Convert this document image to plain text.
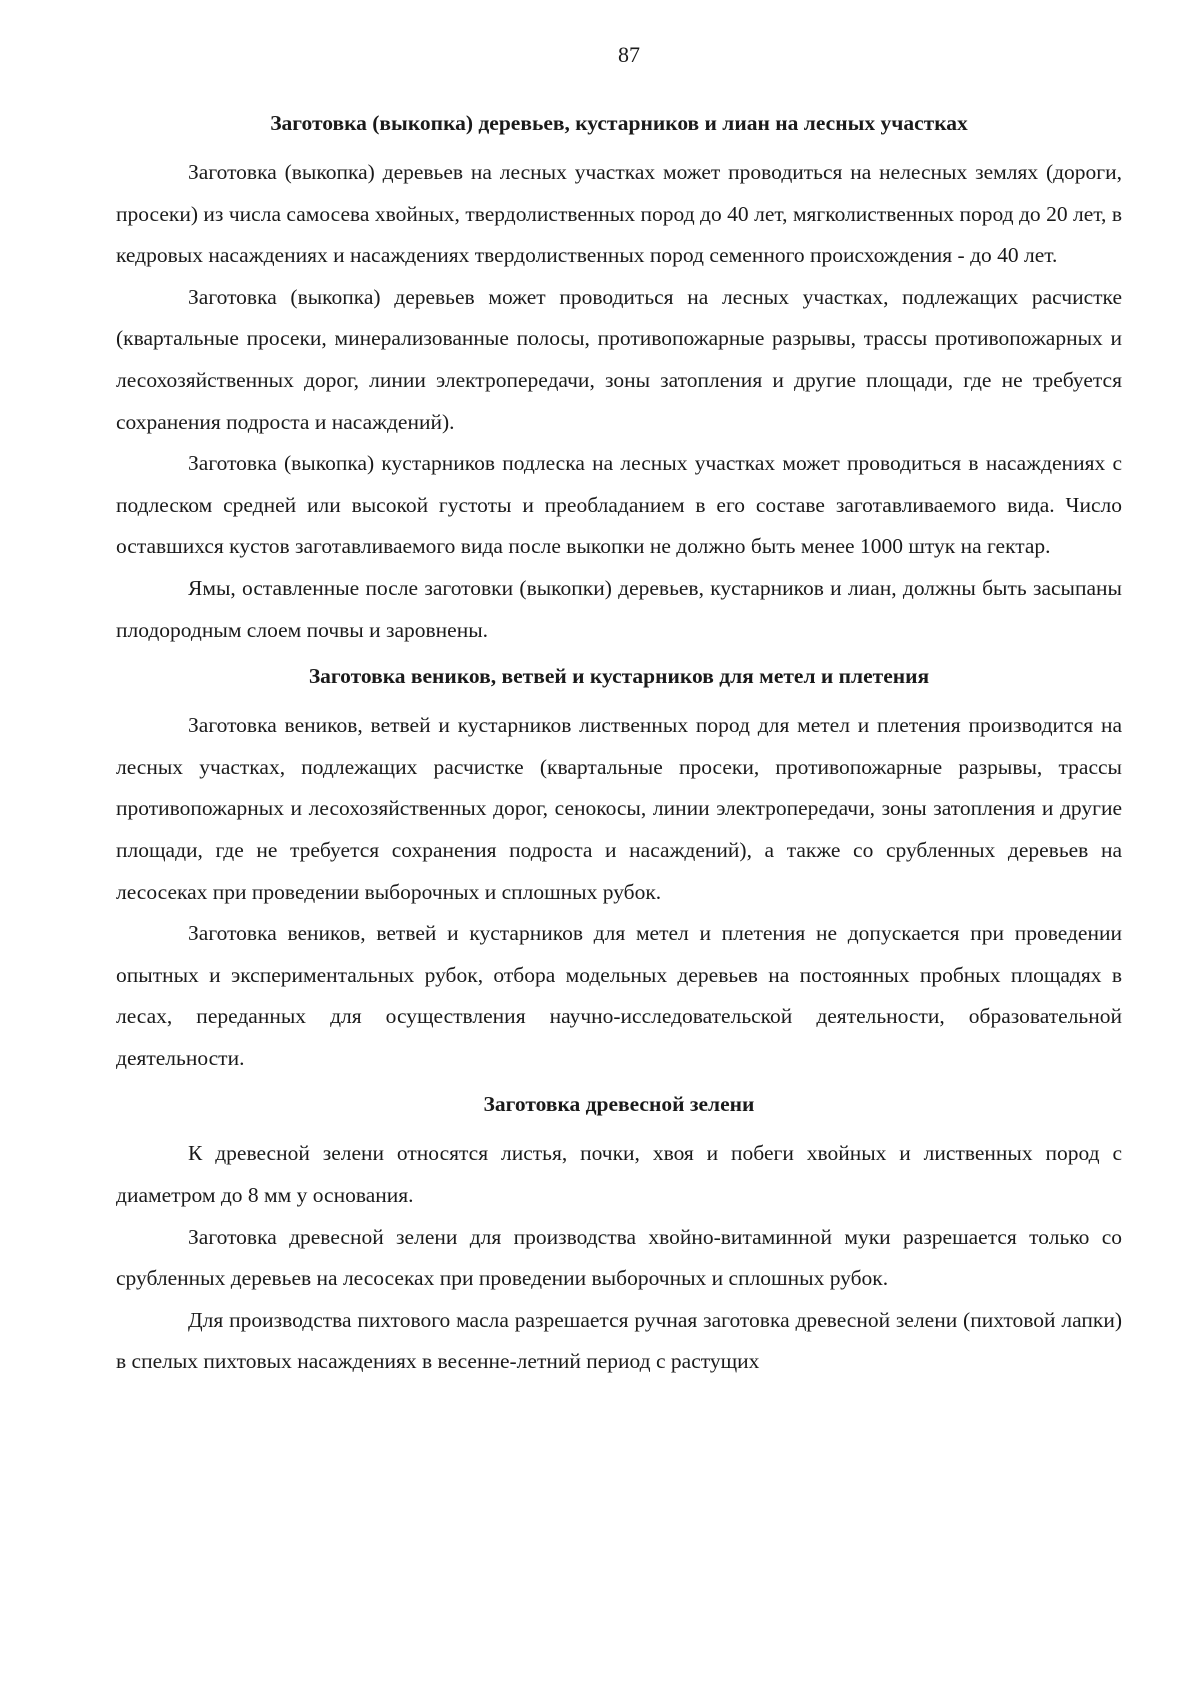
87
Заготовка (выкопка) деревьев, кустарников и лиан на лесных участках

Заготовка (выкопка) деревьев на лесных участках может проводиться на нелесных землях (дороги, просеки) из числа самосева хвойных, твердолиственных пород до 40 лет, мягколиственных пород до 20 лет, в кедровых насаждениях и насаждениях твердолиственных пород семенного происхождения - до 40 лет.

Заготовка (выкопка) деревьев может проводиться на лесных участках, подлежащих расчистке (квартальные просеки, минерализованные полосы, противопожарные разрывы, трассы противопожарных и лесохозяйственных дорог, линии электропередачи, зоны затопления и другие площади, где не требуется сохранения подроста и насаждений).

Заготовка (выкопка) кустарников подлеска на лесных участках может проводиться в насаждениях с подлеском средней или высокой густоты и преобладанием в его составе заготавливаемого вида. Число оставшихся кустов заготавливаемого вида после выкопки не должно быть менее 1000 штук на гектар.

Ямы, оставленные после заготовки (выкопки) деревьев, кустарников и лиан, должны быть засыпаны плодородным слоем почвы и заровнены.

Заготовка веников, ветвей и кустарников для метел и плетения

Заготовка веников, ветвей и кустарников лиственных пород для метел и плетения производится на лесных участках, подлежащих расчистке (квартальные просеки, противопожарные разрывы, трассы противопожарных и лесохозяйственных дорог, сенокосы, линии электропередачи, зоны затопления и другие площади, где не требуется сохранения подроста и насаждений), а также со срубленных деревьев на лесосеках при проведении выборочных и сплошных рубок.

Заготовка веников, ветвей и кустарников для метел и плетения не допускается при проведении опытных и экспериментальных рубок, отбора модельных деревьев на постоянных пробных площадях в лесах, переданных для осуществления научно-исследовательской деятельности, образовательной деятельности.

Заготовка древесной зелени

К древесной зелени относятся листья, почки, хвоя и побеги хвойных и лиственных пород с диаметром до 8 мм у основания.

Заготовка древесной зелени для производства хвойно-витаминной муки разрешается только со срубленных деревьев на лесосеках при проведении выборочных и сплошных рубок.

Для производства пихтового масла разрешается ручная заготовка древесной зелени (пихтовой лапки) в спелых пихтовых насаждениях в весенне-летний период с растущих
